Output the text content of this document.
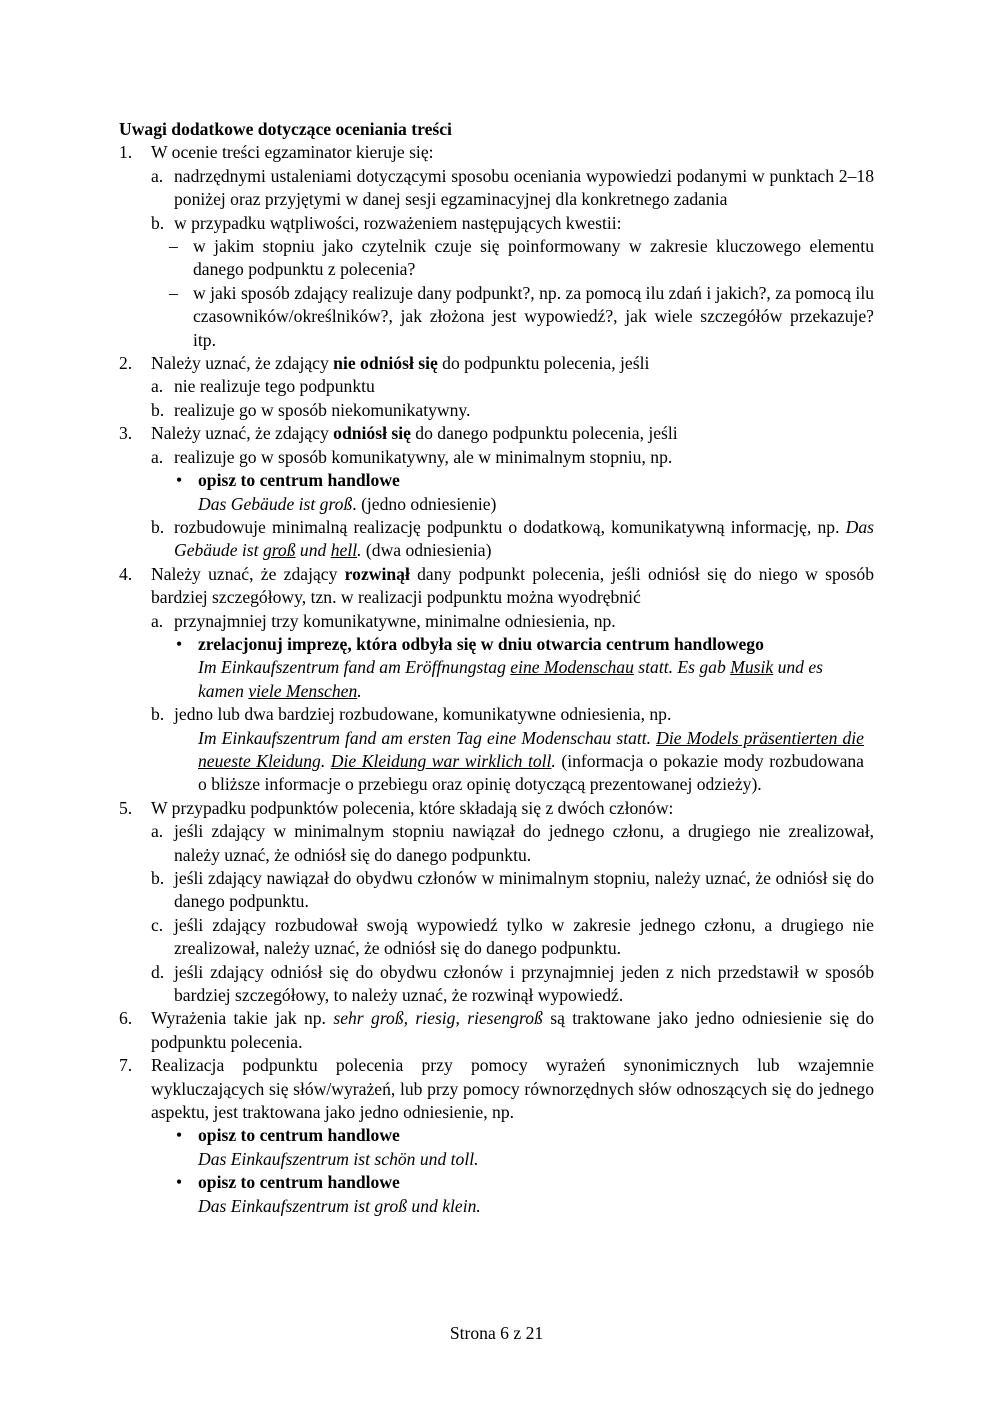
Uwagi dodatkowe dotyczące oceniania treści
1. W ocenie treści egzaminator kieruje się:
a. nadrzędnymi ustaleniami dotyczącymi sposobu oceniania wypowiedzi podanymi w punktach 2–18 poniżej oraz przyjętymi w danej sesji egzaminacyjnej dla konkretnego zadania
b. w przypadku wątpliwości, rozważeniem następujących kwestii:
– w jakim stopniu jako czytelnik czuje się poinformowany w zakresie kluczowego elementu danego podpunktu z polecenia?
– w jaki sposób zdający realizuje dany podpunkt?, np. za pomocą ilu zdań i jakich?, za pomocą ilu czasowników/określników?, jak złożona jest wypowiedź?, jak wiele szczegółów przekazuje? itp.
2. Należy uznać, że zdający nie odniósł się do podpunktu polecenia, jeśli
a. nie realizuje tego podpunktu
b. realizuje go w sposób niekomunikatywny.
3. Należy uznać, że zdający odniósł się do danego podpunktu polecenia, jeśli
a. realizuje go w sposób komunikatywny, ale w minimalnym stopniu, np.
• opisz to centrum handlowe
Das Gebäude ist groß. (jedno odniesienie)
b. rozbudowuje minimalną realizację podpunktu o dodatkową, komunikatywną informację, np. Das Gebäude ist groß und hell. (dwa odniesienia)
4. Należy uznać, że zdający rozwinął dany podpunkt polecenia, jeśli odniósł się do niego w sposób bardziej szczegółowy, tzn. w realizacji podpunktu można wyodrębnić
a. przynajmniej trzy komunikatywne, minimalne odniesienia, np.
• zrelacjonuj imprezę, która odbyła się w dniu otwarcia centrum handlowego
Im Einkaufszentrum fand am Eröffnungstag eine Modenschau statt. Es gab Musik und es kamen viele Menschen.
b. jedno lub dwa bardziej rozbudowane, komunikatywne odniesienia, np.
Im Einkaufszentrum fand am ersten Tag eine Modenschau statt. Die Models präsentierten die neueste Kleidung. Die Kleidung war wirklich toll. (informacja o pokazie mody rozbudowana o bliższe informacje o przebiegu oraz opinię dotyczącą prezentowanej odzieży).
5. W przypadku podpunktów polecenia, które składają się z dwóch członów:
a. jeśli zdający w minimalnym stopniu nawiązał do jednego członu, a drugiego nie zrealizował, należy uznać, że odniósł się do danego podpunktu.
b. jeśli zdający nawiązał do obydwu członów w minimalnym stopniu, należy uznać, że odniósł się do danego podpunktu.
c. jeśli zdający rozbudował swoją wypowiedź tylko w zakresie jednego członu, a drugiego nie zrealizował, należy uznać, że odniósł się do danego podpunktu.
d. jeśli zdający odniósł się do obydwu członów i przynajmniej jeden z nich przedstawił w sposób bardziej szczegółowy, to należy uznać, że rozwinął wypowiedź.
6. Wyrażenia takie jak np. sehr groß, riesig, riesengroß są traktowane jako jedno odniesienie się do podpunktu polecenia.
7. Realizacja podpunktu polecenia przy pomocy wyrażeń synonimicznych lub wzajemnie wykluczających się słów/wyrażeń, lub przy pomocy równorzędnych słów odnoszących się do jednego aspektu, jest traktowana jako jedno odniesienie, np.
• opisz to centrum handlowe
Das Einkaufszentrum ist schön und toll.
• opisz to centrum handlowe
Das Einkaufszentrum ist groß und klein.
Strona 6 z 21
